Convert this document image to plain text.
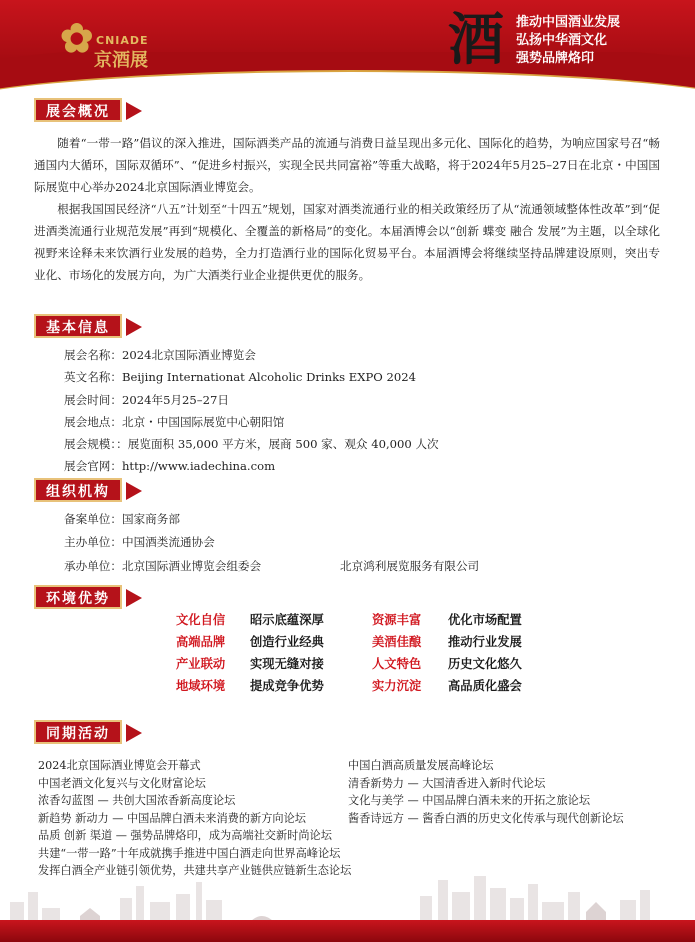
✿ CNIADE
京酒展	酒 推动中国酒业发展
弘扬中华酒文化
强势品牌烙印
展会概况
随着“一带一路”倡议的深入推进，国际酒类产品的流通与消费日益呈现出多元化、国际化的趋势，为响应国家号召“畅通国内大循环，国际双循环”、“促进乡村振兴，实现全民共同富裕”等重大战略，将于2024年5月25–27日在北京・中国国际展览中心举办2024北京国际酒业博览会。
根据我国国民经济“八五”计划至“十四五”规划，国家对酒类流通行业的相关政策经历了从“流通领域整体性改革”到“促进酒类流通行业规范发展”再到“规模化、全覆盖的新格局”的变化。本届酒博会以“创新 蝶变 融合 发展”为主题，以全球化视野来诠释未来饮酒行业发展的趋势，全力打造酒行业的国际化贸易平台。本届酒博会将继续坚持品牌建设原则，突出专业化、市场化的发展方向，为广大酒类行业企业提供更优的服务。
基本信息
展会名称：2024北京国际酒业博览会
英文名称：Beijing Internationat Alcoholic Drinks EXPO 2024
展会时间：2024年5月25–27日
展会地点：北京・中国国际展览中心朝阳馆
展会规模：：展览面积 35,000 平方米，展商 500 家、观众 40,000 人次
展会官网：http://www.iadechina.com
组织机构
备案单位：国家商务部
主办单位：中国酒类流通协会
承办单位：北京国际酒业博览会组委会	北京鸿利展览服务有限公司
环境优势
文化自信 昭示底蕴深厚	资源丰富 优化市场配置
高端品牌 创造行业经典	美酒佳酿 推动行业发展
产业联动 实现无缝对接	人文特色 历史文化悠久
地域环境 提成竞争优势	实力沉淀 高品质化盛会
同期活动
2024北京国际酒业博览会开幕式
中国老酒文化复兴与文化财富论坛
浓香勾蓝图 — 共创大国浓香新高度论坛
新趋势 新动力 — 中国品牌白酒未来消费的新方向论坛
品质 创新 渠道 — 强势品牌烙印，成为高端社交新时尚论坛
共建“一带一路”十年成就携手推进中国白酒走向世界高峰论坛
发挥白酒全产业链引领优势，共建共享产业链供应链新生态论坛
中国白酒高质量发展高峰论坛
清香新势力 — 大国清香进入新时代论坛
文化与美学 — 中国品牌白酒未来的开拓之旅论坛
酱香诗远方 — 酱香白酒的历史文化传承与现代创新论坛
